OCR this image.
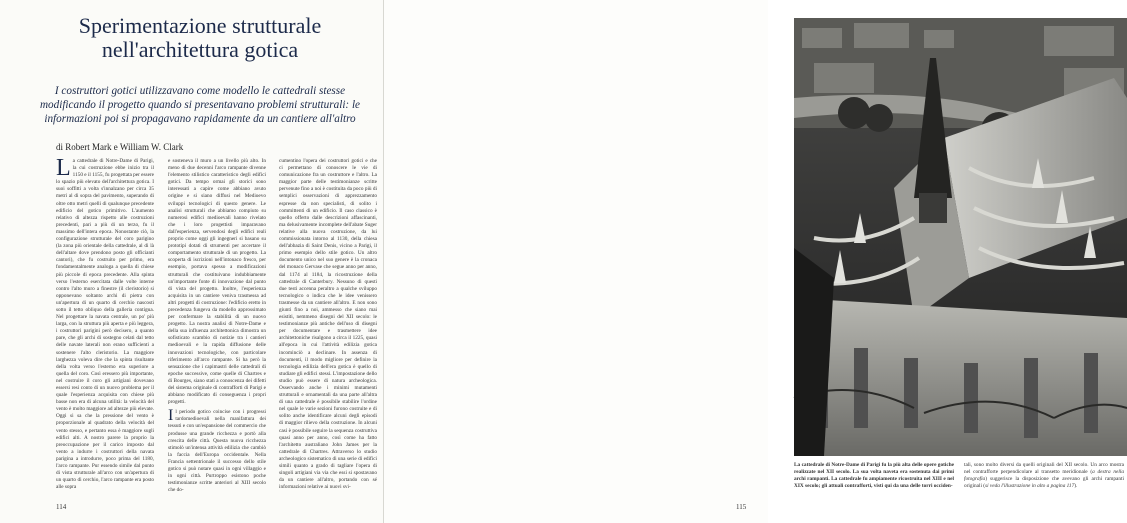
Sperimentazione strutturale
nell'architettura gotica
I costruttori gotici utilizzavano come modello le cattedrali stesse modificando il progetto quando si presentavano problemi strutturali: le informazioni poi si propagavano rapidamente da un cantiere all'altro
di Robert Mark e William W. Clark

La cattedrale di Notre-Dame di Parigi, la cui costruzione ebbe inizio tra il 1150 e il 1155, fu progettata per essere lo spazio più elevato dell'architettura gotica. I suoi soffitti a volta s'innalzano per circa 35 metri al di sopra del pavimento, superando di oltre otto metri quelli di qualunque precedente edificio del gotico primitivo. L'aumento relativo di altezza rispetto alle costruzioni precedenti, pari a più di un terzo, fu il massimo dell'intera epoca. Nonostante ciò, la configurazione strutturale del coro parigino (la zona più orientale della cattedrale, al di là dell'altare dove prendono posto gli officianti cantori), che fu costruito per primo, era fondamentalmente analoga a quella di chiese più piccole di epoca precedente. Alla spinta verso l'esterno esercitata dalle volte interne contro l'alto muro a finestre (il cleristorio) si opponevano soltanto archi di pietra con un'apertura di un quarto di cerchio nascosti sotto il tetto obliquo della galleria contigua. Nel progettare la navata centrale, un po' più larga, con la struttura più aperta e più leggera, i costruttori parigini però decisero, a quanto pare, che gli archi di sostegno celati dal tetto delle navate laterali non erano sufficienti a sostenere l'alto cleristorio. La maggiore larghezza voleva dire che la spinta risultante della volta verso l'esterno era superiore a quella del coro. Così eressero più importante, nel costruire il coro gli artigiani dovevano essersi resi conto di un nuovo problema per il quale l'esperienza acquisita con chiese più basse non era di alcuna utilità: la velocità del vento è molto maggiore ad altezze più elevate. Oggi si sa che la pressione del vento è proporzionale al quadrato della velocità del vento stesso, e pertanto essa è maggiore sugli edifici alti. A nostro parere la proprio la preoccupazione per il carico imposto dal vento a indurre i costruttori della navata parigina a introdurre, poco prima del 1180, l'arco rampante. Pur essendo simile dal punto di vista strutturale all'arco con un'apertura di un quarto di cerchio, l'arco rampante era posto alle sopra

e sosteneva il muro a un livello più alto. In meno di due decenni l'arco rampante divenne l'elemento stilistico caratteristico degli edifici gotici. Da tempo ormai gli storici sono interessati a capire come abbiano avuto origine e si siano diffusi nel Medioevo sviluppi tecnologici di questo genere. Le analisi strutturali che abbiamo compiuto su numerosi edifici medioevali hanno rivelato che i loro progettisti imparavano dall'esperienza, servendosi degli edifici reali proprio come oggi gli ingegneri si basano su prototipi dotati di strumenti per accertare il comportamento strutturale di un progetto. La scoperta di iscrizioni nell'intonaco fresco, per esempio, portava spesso a modificazioni strutturali che costituivano indubbiamente un'importante fonte di innovazione dal punto di vista del progetto. Inoltre, l'esperienza acquisita in un cantiere veniva trasmessa ad altri progetti di costruzione: l'edificio eretto in precedenza fungeva da modello approssimato per confermare la stabilità di un nuovo progetto. La nostra analisi di Notre-Dame e della sua influenza architettonica dimostra un sofisticato scambio di notizie tra i cantieri medioevali e la rapida diffusione delle innovazioni tecnologiche, con particolare riferimento all'arco rampante. Si ha però la sensazione che i capimastri delle cattedrali di epoche successive, come quelle di Chartres e di Bourges, siano stati a conoscenza dei difetti del sistema originale di contrafforti di Parigi e abbiano modificato di conseguenza i propri progetti.

Il periodo gotico coincise con i progressi tardomedioevali nella manifattura dei tessuti e con un'espansione del commercio che produsse una grande ricchezza e portò alla crescita delle città. Questa nuova ricchezza stimolò un'intensa attività edilizia che cambiò la faccia dell'Europa occidentale. Nella Francia settentrionale il successo dello stile gotico si può notare quasi in ogni villaggio e in ogni città. Purtroppo esistono poche testimonianze scritte anteriori al XIII secolo che do-

cumentino l'opera dei costruttori gotici e che ci permettano di conoscere le vie di comunicazione fra un costruttore e l'altro. La maggior parte delle testimonianze scritte pervenute fino a noi è costituita da poco più di semplici osservazioni di apprezzamento espresse da non specialisti, di solito i committenti di un edificio. Il caso classico è quello offerto dalle descrizioni affascinanti, ma delusivamente incomplete dell'abate Suger relative alla nuova costruzione, da lui commissionata intorno al 1130, della chiesa dell'abbazia di Saint Denis, vicino a Parigi, il primo esempio dello stile gotico. Un altro documento unico nel suo genere è la cronaca del monaco Gervase che segue anno per anno, dal 1174 al 1184, la ricostruzione della cattedrale di Canterbury. Nessuno di questi due testi accenna peraltro a qualche sviluppo tecnologico o indica che le idee venissero trasmesse da un cantiere all'altro. E non sono giunti fino a noi, ammesso che siano mai esistiti, nemmeno disegni del XII secolo: le testimonianze più antiche dell'uso di disegni per documentare e trasmettere idee architettoniche risalgono a circa il 1225, quasi all'epoca in cui l'attività edilizia gotica incominciò a declinare. In assenza di documenti, il modo migliore per definire la tecnologia edilizia dell'era gotica è quello di studiare gli edifici stessi. L'impostazione dello studio può essere di natura archeologica. Osservando anche i minimi mutamenti strutturali e ornamentali da una parte all'altra di una cattedrale è possibile stabilire l'ordine nel quale le varie sezioni furono costruite e di solito anche identificare alcuni degli episodi di maggior rilievo della costruzione. In alcuni casi è possibile seguire la sequenza costruttiva quasi anno per anno, così come ha fatto l'architetto australiano John James per la cattedrale di Chartres. Attraverso lo studio archeologico sistematico di una serie di edifici simili quanto a grado di tagliare l'opera di singoli artigiani via via che essi si spostavano da un cantiere all'altro, portando con sé informazioni relative ai nuovi svi-

114
La cattedrale di Notre-Dame di Parigi fu la più alta delle opere gotiche realizzate nel XII secolo. La sua volta naveta era sostenuta dai primi archi rampanti. La cattedrale fu ampiamente ricostruita nel XIII e nel XIX secolo; gli attuali contrafforti, visti qui da una delle torri occiden-
tali, sono molto diversi da quelli originali del XII secolo. Un arco mostra nel contrafforte perpendicolare al transetto meridionale (a destra nella fotografia) suggerisce la disposizione che avevano gli archi rampanti originali (si veda l'illustrazione in alto a pagina 117).
115
